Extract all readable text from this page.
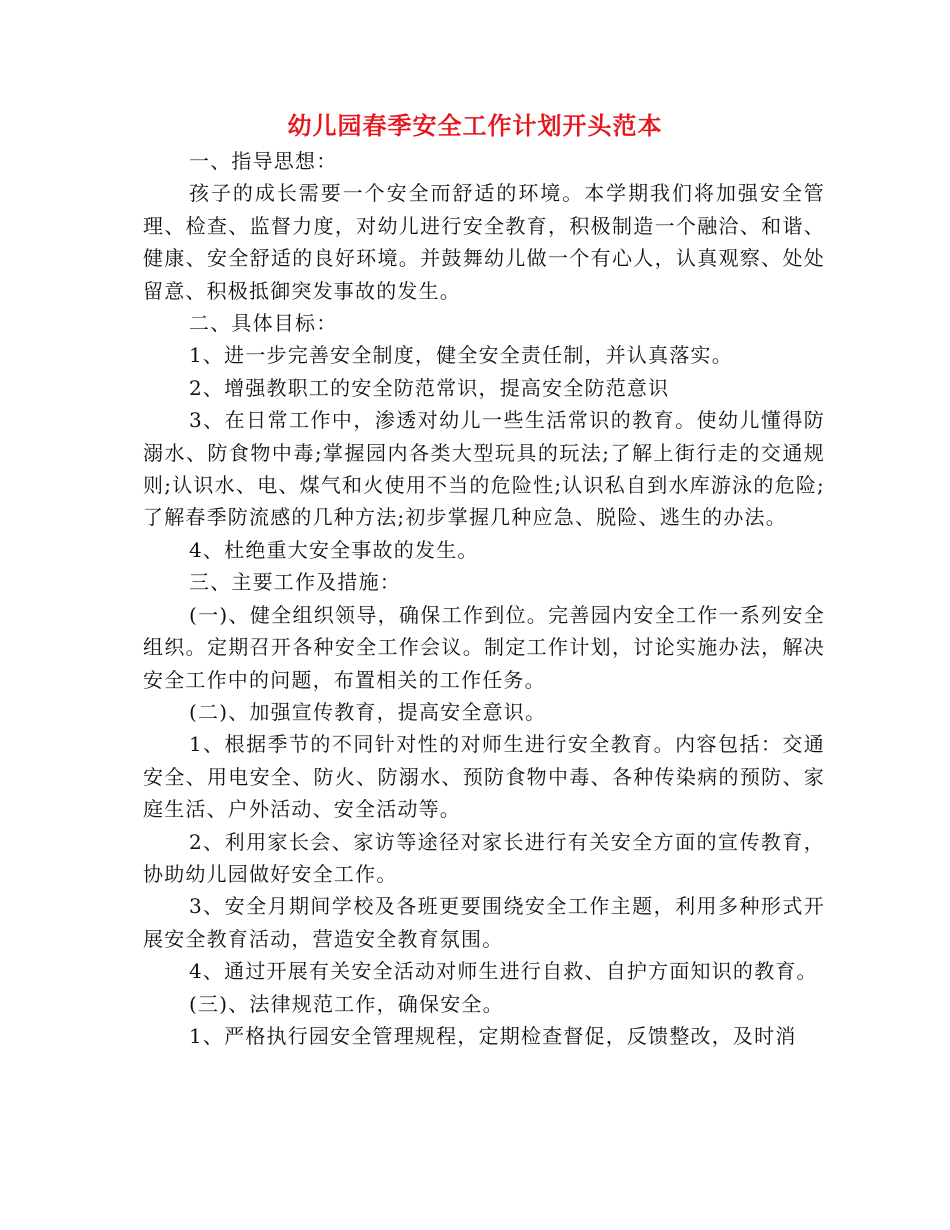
幼儿园春季安全工作计划开头范本

一、指导思想：

孩子的成长需要一个安全而舒适的环境。本学期我们将加强安全管理、检查、监督力度，对幼儿进行安全教育，积极制造一个融洽、和谐、健康、安全舒适的良好环境。并鼓舞幼儿做一个有心人，认真观察、处处留意、积极抵御突发事故的发生。

二、具体目标：

1、进一步完善安全制度，健全安全责任制，并认真落实。

2、增强教职工的安全防范常识，提高安全防范意识

3、在日常工作中，渗透对幼儿一些生活常识的教育。使幼儿懂得防溺水、防食物中毒;掌握园内各类大型玩具的玩法;了解上街行走的交通规则;认识水、电、煤气和火使用不当的危险性;认识私自到水库游泳的危险;了解春季防流感的几种方法;初步掌握几种应急、脱险、逃生的办法。

4、杜绝重大安全事故的发生。

三、主要工作及措施：

(一)、健全组织领导，确保工作到位。完善园内安全工作一系列安全组织。定期召开各种安全工作会议。制定工作计划，讨论实施办法，解决安全工作中的问题，布置相关的工作任务。

(二)、加强宣传教育，提高安全意识。

1、根据季节的不同针对性的对师生进行安全教育。内容包括：交通安全、用电安全、防火、防溺水、预防食物中毒、各种传染病的预防、家庭生活、户外活动、安全活动等。

2、利用家长会、家访等途径对家长进行有关安全方面的宣传教育，协助幼儿园做好安全工作。

3、安全月期间学校及各班更要围绕安全工作主题，利用多种形式开展安全教育活动，营造安全教育氛围。

4、通过开展有关安全活动对师生进行自救、自护方面知识的教育。

(三)、法律规范工作，确保安全。

1、严格执行园安全管理规程，定期检查督促，反馈整改，及时消
